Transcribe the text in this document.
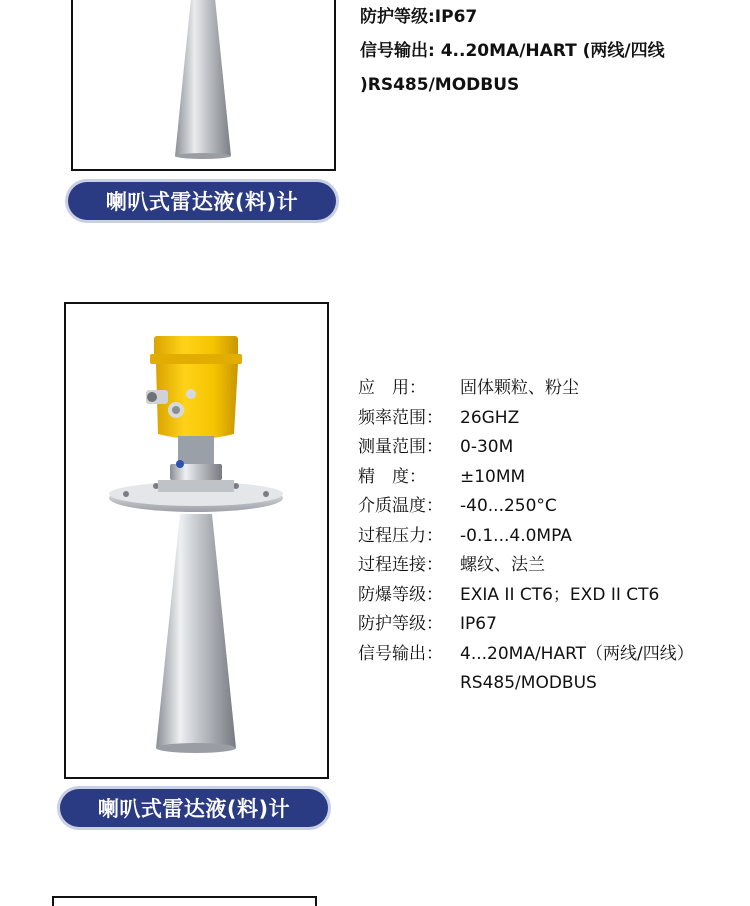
防护等级:IP67
信号输出: 4..20MA/HART (两线/四线
)RS485/MODBUS
喇叭式雷达液(料)计
应　用：	固体颗粒、粉尘
频率范围：	26GHZ
测量范围：	0-30M
精　度：	±10MM
介质温度：	-40...250°C
过程压力：	-0.1...4.0MPA
过程连接：	螺纹、法兰
防爆等级：	EXIA II CT6；EXD II CT6
防护等级：	IP67
信号输出：	4...20MA/HART（两线/四线）
RS485/MODBUS
喇叭式雷达液(料)计
